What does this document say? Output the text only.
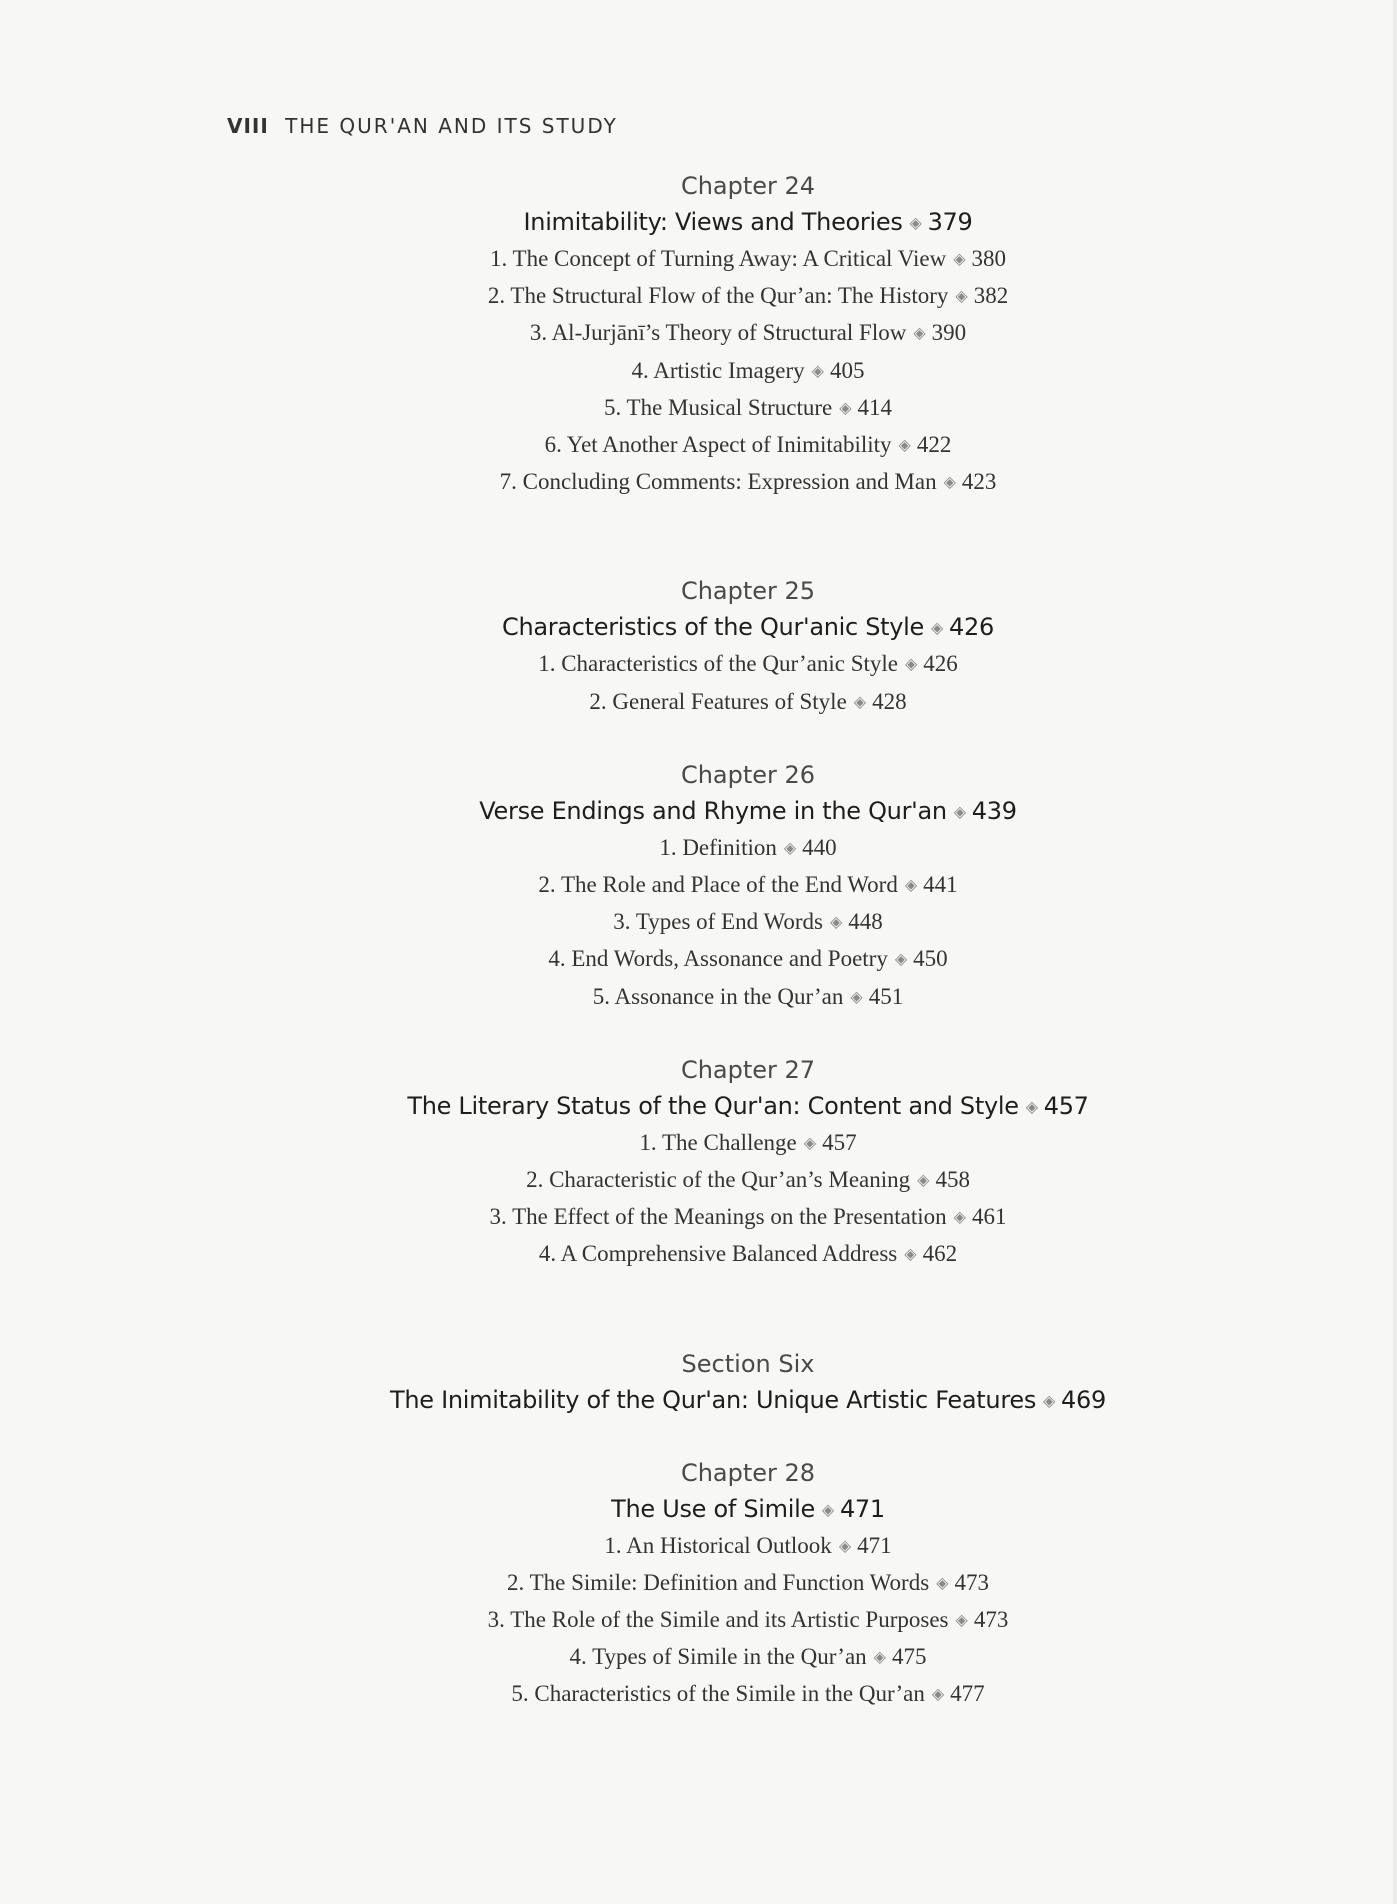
VIII THE QUR'AN AND ITS STUDY
Chapter 24
Inimitability: Views and Theories ◈ 379
1. The Concept of Turning Away: A Critical View ◈ 380
2. The Structural Flow of the Qur’an: The History ◈ 382
3. Al-Jurjānī’s Theory of Structural Flow ◈ 390
4. Artistic Imagery ◈ 405
5. The Musical Structure ◈ 414
6. Yet Another Aspect of Inimitability ◈ 422
7. Concluding Comments: Expression and Man ◈ 423
Chapter 25
Characteristics of the Qur'anic Style ◈ 426
1. Characteristics of the Qur’anic Style ◈ 426
2. General Features of Style ◈ 428
Chapter 26
Verse Endings and Rhyme in the Qur'an ◈ 439
1. Definition ◈ 440
2. The Role and Place of the End Word ◈ 441
3. Types of End Words ◈ 448
4. End Words, Assonance and Poetry ◈ 450
5. Assonance in the Qur’an ◈ 451
Chapter 27
The Literary Status of the Qur'an: Content and Style ◈ 457
1. The Challenge ◈ 457
2. Characteristic of the Qur’an’s Meaning ◈ 458
3. The Effect of the Meanings on the Presentation ◈ 461
4. A Comprehensive Balanced Address ◈ 462
Section Six
The Inimitability of the Qur'an: Unique Artistic Features ◈ 469
Chapter 28
The Use of Simile ◈ 471
1. An Historical Outlook ◈ 471
2. The Simile: Definition and Function Words ◈ 473
3. The Role of the Simile and its Artistic Purposes ◈ 473
4. Types of Simile in the Qur’an ◈ 475
5. Characteristics of the Simile in the Qur’an ◈ 477
